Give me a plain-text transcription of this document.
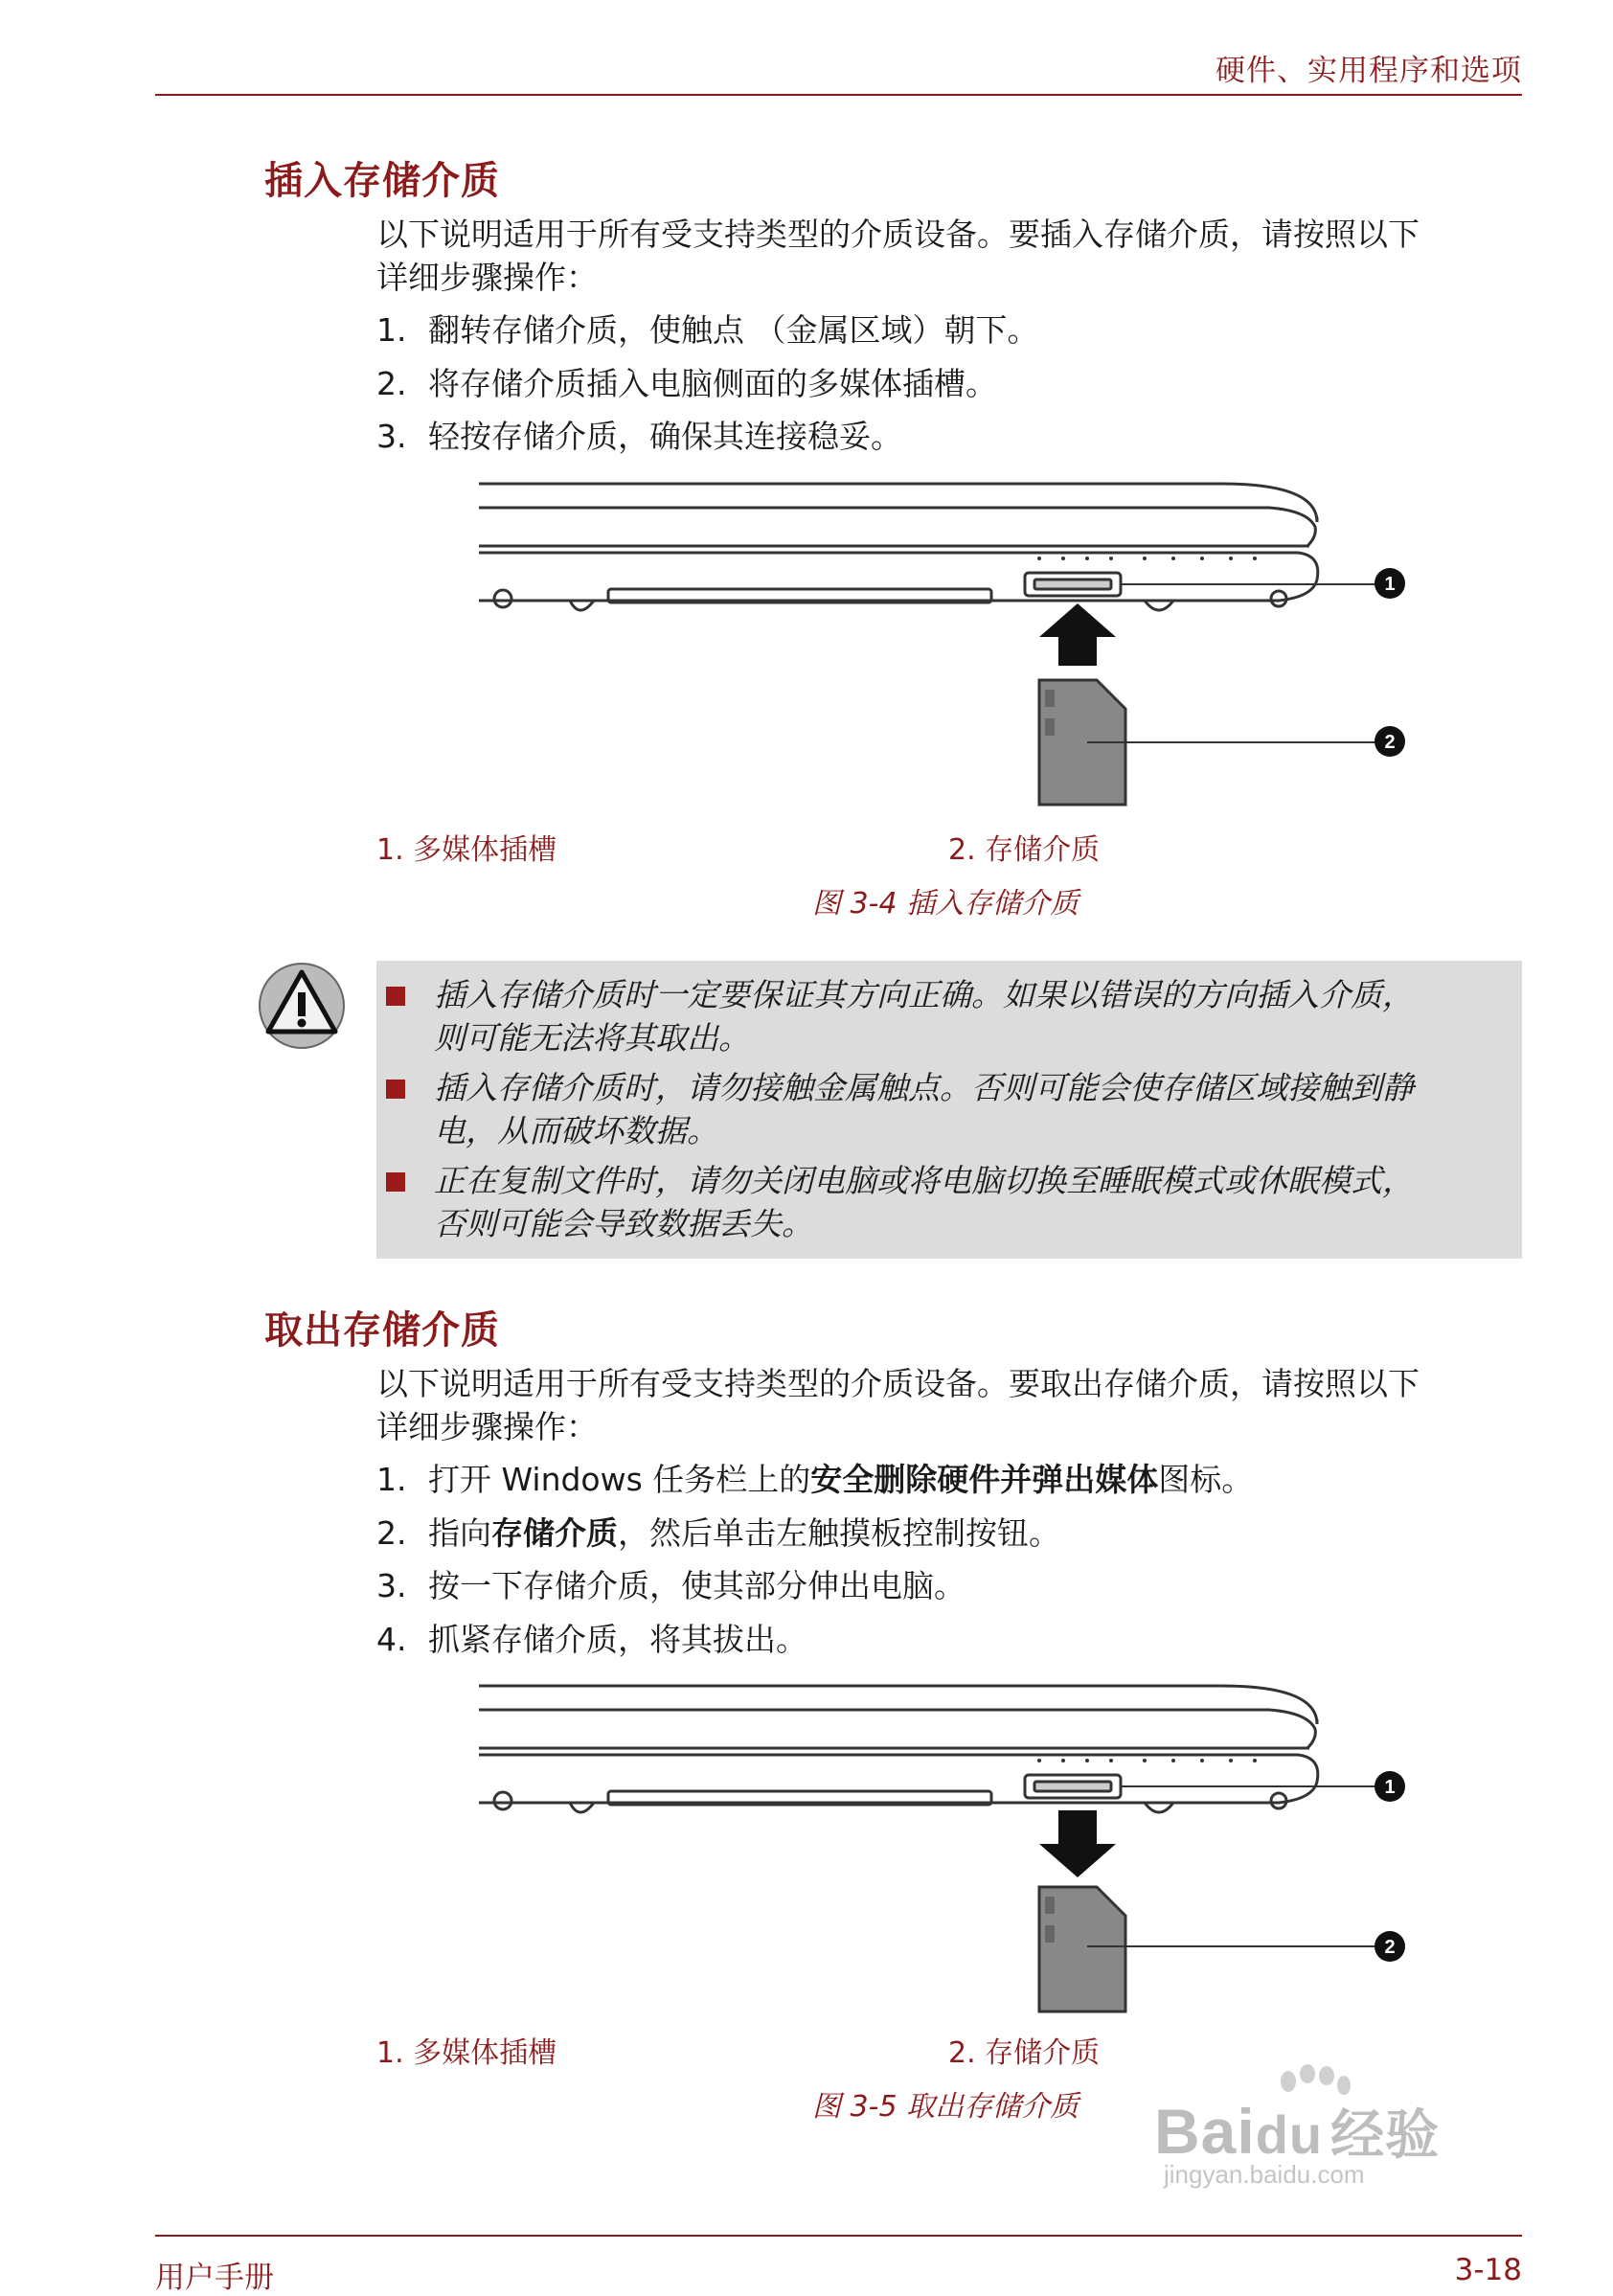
硬件、实用程序和选项
插入存储介质
以下说明适用于所有受支持类型的介质设备。要插入存储介质，请按照以下
详细步骤操作：
1. 翻转存储介质，使触点 （金属区域）朝下。
2. 将存储介质插入电脑侧面的多媒体插槽。
3. 轻按存储介质，确保其连接稳妥。
1
2
1. 多媒体插槽	2. 存储介质
图 3-4 插入存储介质
插入存储介质时一定要保证其方向正确。如果以错误的方向插入介质，
则可能无法将其取出。
插入存储介质时，请勿接触金属触点。否则可能会使存储区域接触到静
电，从而破坏数据。
正在复制文件时，请勿关闭电脑或将电脑切换至睡眠模式或休眠模式，
否则可能会导致数据丢失。
取出存储介质
以下说明适用于所有受支持类型的介质设备。要取出存储介质，请按照以下
详细步骤操作：
1. 打开 Windows 任务栏上的安全删除硬件并弹出媒体图标。
2. 指向存储介质，然后单击左触摸板控制按钮。
3. 按一下存储介质，使其部分伸出电脑。
4. 抓紧存储介质，将其拔出。
1
2
1. 多媒体插槽	2. 存储介质
图 3-5 取出存储介质
用户手册	3-18
Baidu 经验
jingyan.baidu.com
